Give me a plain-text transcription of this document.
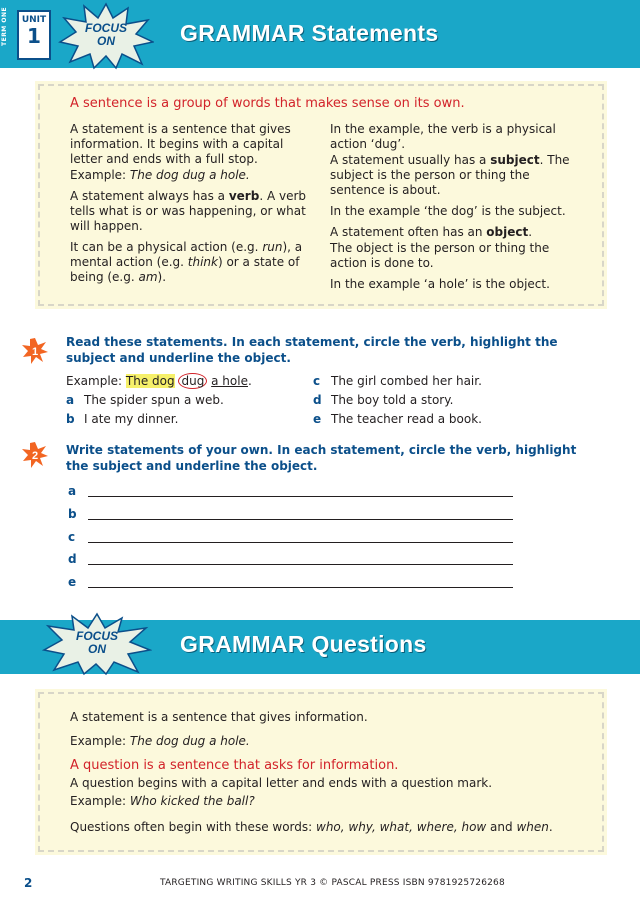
TERM ONE	UNIT
1	FOCUS
ON	GRAMMAR Statements
A sentence is a group of words that makes sense on its own.

A statement is a sentence that gives information. It begins with a capital letter and ends with a full stop.

Example: The dog dug a hole.

A statement always has a verb. A verb tells what is or was happening, or what will happen.

It can be a physical action (e.g. run), a mental action (e.g. think) or a state of being (e.g. am).

In the example, the verb is a physical action ‘dug’.

A statement usually has a subject. The subject is the person or thing the sentence is about.

In the example ‘the dog’ is the subject.

A statement often has an object.

The object is the person or thing the action is done to.

In the example ‘a hole’ is the object.

1
Read these statements. In each statement, circle the verb, highlight the subject and underline the object.
Example: The dog dug a hole.
a The spider spun a web.
b I ate my dinner.
c The girl combed her hair.
d The boy told a story.
e The teacher read a book.
2 Write statements of your own. In each statement, circle the verb, highlight the subject and underline the object.
a
b
c
d
e
FOCUS
ON	GRAMMAR Questions

A statement is a sentence that gives information.

Example: The dog dug a hole.

A question is a sentence that asks for information.

A question begins with a capital letter and ends with a question mark.

Example: Who kicked the ball?

Questions often begin with these words: who, why, what, where, how and when.

2	TARGETING WRITING SKILLS YR 3 © PASCAL PRESS ISBN 9781925726268
